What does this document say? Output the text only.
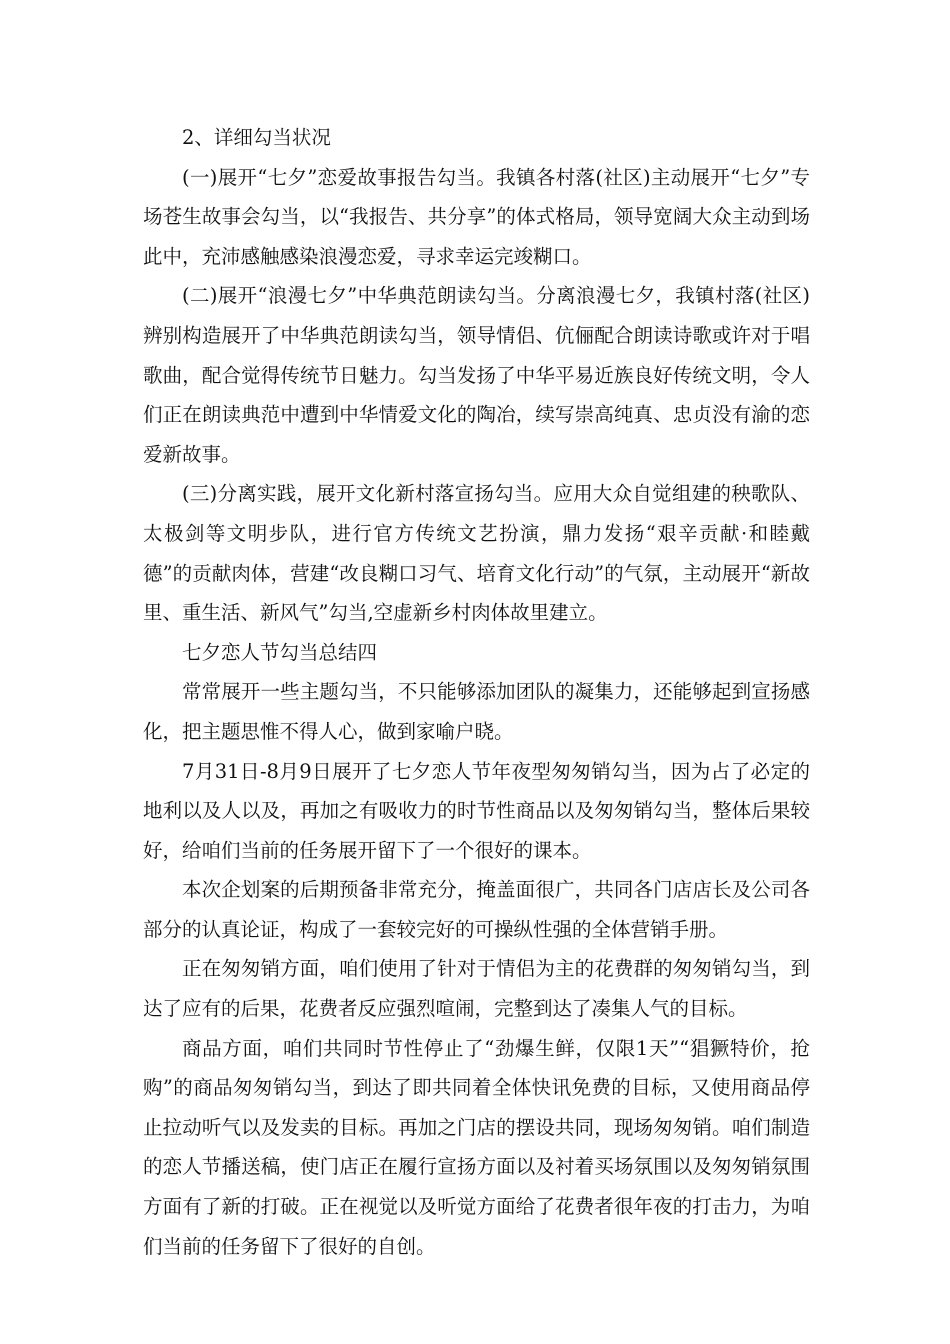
2、详细勾当状况

(一)展开“七夕”恋爱故事报告勾当。我镇各村落(社区)主动展开“七夕”专场苍生故事会勾当，以“我报告、共分享”的体式格局，领导宽阔大众主动到场此中，充沛感触感染浪漫恋爱，寻求幸运完竣糊口。

(二)展开“浪漫七夕”中华典范朗读勾当。分离浪漫七夕，我镇村落(社区)辨别构造展开了中华典范朗读勾当，领导情侣、伉俪配合朗读诗歌或许对于唱歌曲，配合觉得传统节日魅力。勾当发扬了中华平易近族良好传统文明，令人们正在朗读典范中遭到中华情爱文化的陶冶，续写崇高纯真、忠贞没有渝的恋爱新故事。

(三)分离实践，展开文化新村落宣扬勾当。应用大众自觉组建的秧歌队、太极剑等文明步队，进行官方传统文艺扮演，鼎力发扬“艰辛贡献·和睦戴德”的贡献肉体，营建“改良糊口习气、培育文化行动”的气氛，主动展开“新故里、重生活、新风气”勾当,空虚新乡村肉体故里建立。

七夕恋人节勾当总结四

常常展开一些主题勾当，不只能够添加团队的凝集力，还能够起到宣扬感化，把主题思惟不得人心，做到家喻户晓。

7月31日-8月9日展开了七夕恋人节年夜型匆匆销勾当，因为占了必定的地利以及人以及，再加之有吸收力的时节性商品以及匆匆销勾当，整体后果较好，给咱们当前的任务展开留下了一个很好的课本。

本次企划案的后期预备非常充分，掩盖面很广，共同各门店店长及公司各部分的认真论证，构成了一套较完好的可操纵性强的全体营销手册。

正在匆匆销方面，咱们使用了针对于情侣为主的花费群的匆匆销勾当，到达了应有的后果，花费者反应强烈喧闹，完整到达了凑集人气的目标。

商品方面，咱们共同时节性停止了“劲爆生鲜，仅限1天”“猖獗特价，抢购”的商品匆匆销勾当，到达了即共同着全体快讯免费的目标，又使用商品停止拉动听气以及发卖的目标。再加之门店的摆设共同，现场匆匆销。咱们制造的恋人节播送稿，使门店正在履行宣扬方面以及衬着买场氛围以及匆匆销氛围方面有了新的打破。正在视觉以及听觉方面给了花费者很年夜的打击力，为咱们当前的任务留下了很好的自创。
